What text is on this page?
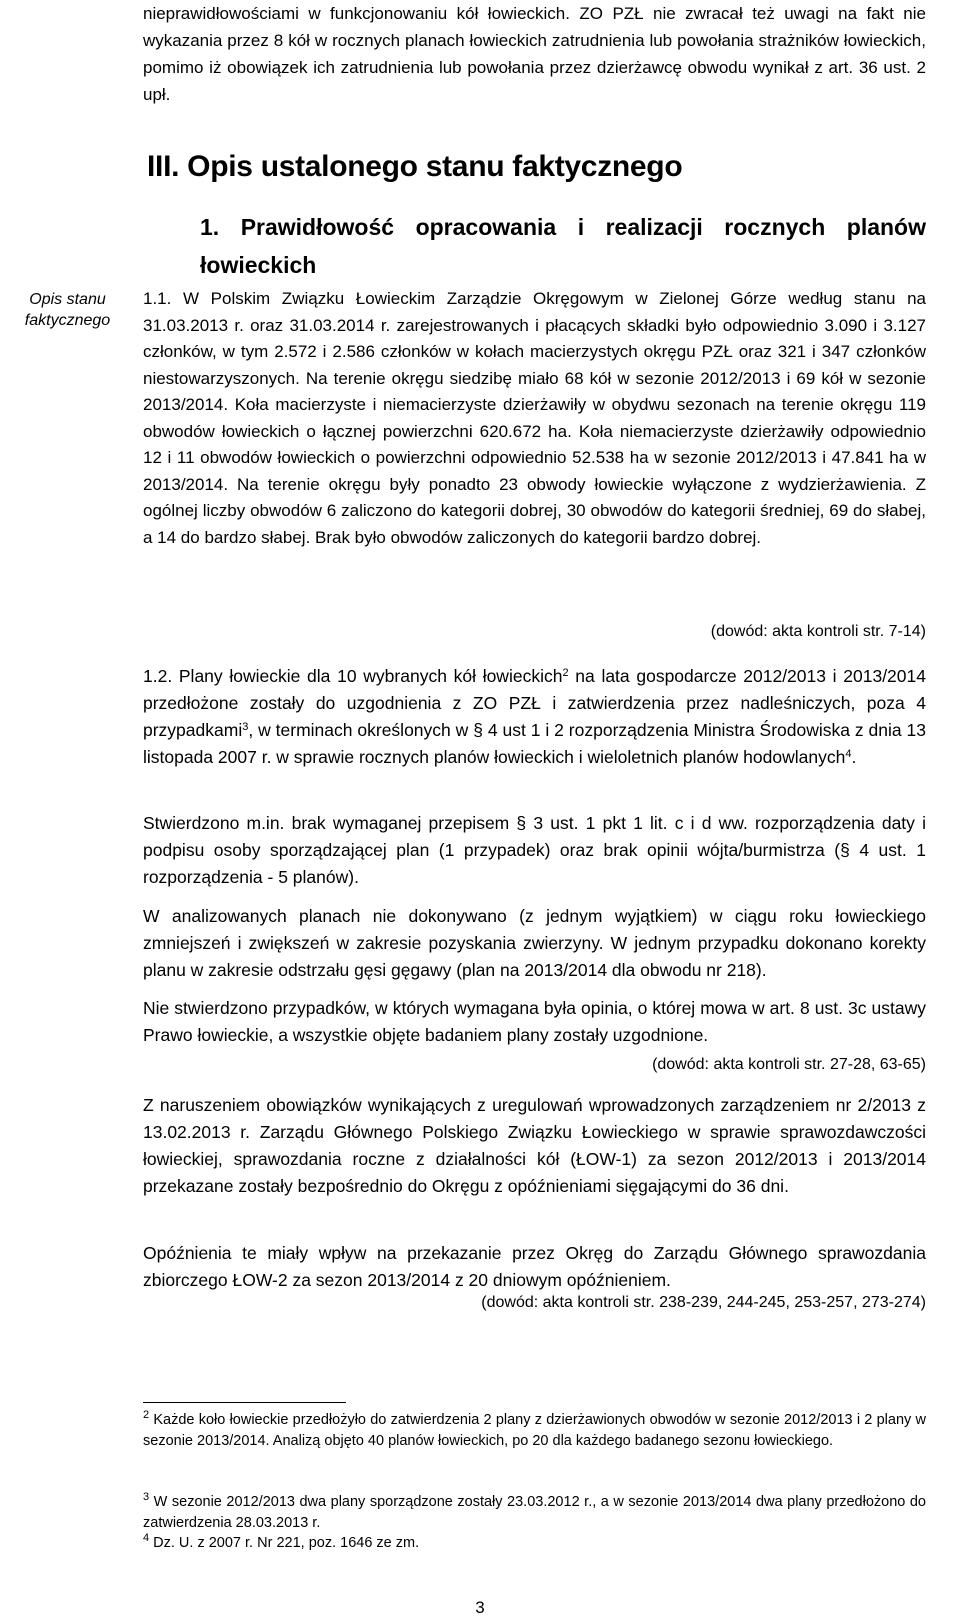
nieprawidłowościami w funkcjonowaniu kół łowieckich. ZO PZŁ nie zwracał też uwagi na fakt nie wykazania przez 8 kół w rocznych planach łowieckich zatrudnienia lub powołania strażników łowieckich, pomimo iż obowiązek ich zatrudnienia lub powołania przez dzierżawcę obwodu wynikał z art. 36 ust. 2 upł.

III. Opis ustalonego stanu faktycznego
1. Prawidłowość opracowania i realizacji rocznych planów
łowieckich
Opis stanu
faktycznego

1.1. W Polskim Związku Łowieckim Zarządzie Okręgowym w Zielonej Górze według stanu na 31.03.2013 r. oraz 31.03.2014 r. zarejestrowanych i płacących składki było odpowiednio 3.090 i 3.127 członków, w tym 2.572 i 2.586 członków w kołach macierzystych okręgu PZŁ oraz 321 i 347 członków niestowarzyszonych. Na terenie okręgu siedzibę miało 68 kół w sezonie 2012/2013 i 69 kół w sezonie 2013/2014. Koła macierzyste i niemacierzyste dzierżawiły w obydwu sezonach na terenie okręgu 119 obwodów łowieckich o łącznej powierzchni 620.672 ha. Koła niemacierzyste dzierżawiły odpowiednio 12 i 11 obwodów łowieckich o powierzchni odpowiednio 52.538 ha w sezonie 2012/2013 i 47.841 ha w 2013/2014. Na terenie okręgu były ponadto 23 obwody łowieckie wyłączone z wydzierżawienia. Z ogólnej liczby obwodów 6 zaliczono do kategorii dobrej, 30 obwodów do kategorii średniej, 69 do słabej, a 14 do bardzo słabej. Brak było obwodów zaliczonych do kategorii bardzo dobrej.

(dowód: akta kontroli str. 7-14)

1.2. Plany łowieckie dla 10 wybranych kół łowieckich$^2$ na lata gospodarcze 2012/2013 i 2013/2014 przedłożone zostały do uzgodnienia z ZO PZŁ i zatwierdzenia przez nadleśniczych, poza 4 przypadkami$^3$, w terminach określonych w § 4 ust 1 i 2 rozporządzenia Ministra Środowiska z dnia 13 listopada 2007 r. w sprawie rocznych planów łowieckich i wieloletnich planów hodowlanych$^4$.

Stwierdzono m.in. brak wymaganej przepisem § 3 ust. 1 pkt 1 lit. c i d ww. rozporządzenia daty i podpisu osoby sporządzającej plan (1 przypadek) oraz brak opinii wójta/burmistrza (§ 4 ust. 1 rozporządzenia - 5 planów).

W analizowanych planach nie dokonywano (z jednym wyjątkiem) w ciągu roku łowieckiego zmniejszeń i zwiększeń w zakresie pozyskania zwierzyny. W jednym przypadku dokonano korekty planu w zakresie odstrzału gęsi gęgawy (plan na 2013/2014 dla obwodu nr 218).

Nie stwierdzono przypadków, w których wymagana była opinia, o której mowa w art. 8 ust. 3c ustawy Prawo łowieckie, a wszystkie objęte badaniem plany zostały uzgodnione.

(dowód: akta kontroli str. 27-28, 63-65)

Z naruszeniem obowiązków wynikających z uregulowań wprowadzonych zarządzeniem nr 2/2013 z 13.02.2013 r. Zarządu Głównego Polskiego Związku Łowieckiego w sprawie sprawozdawczości łowieckiej, sprawozdania roczne z działalności kół (ŁOW-1) za sezon 2012/2013 i 2013/2014 przekazane zostały bezpośrednio do Okręgu z opóźnieniami sięgającymi do 36 dni.

Opóźnienia te miały wpływ na przekazanie przez Okręg do Zarządu Głównego sprawozdania zbiorczego ŁOW-2 za sezon 2013/2014 z 20 dniowym opóźnieniem.

(dowód: akta kontroli str. 238-239, 244-245, 253-257, 273-274)

$^2$ Każde koło łowieckie przedłożyło do zatwierdzenia 2 plany z dzierżawionych obwodów w sezonie 2012/2013 i 2 plany w sezonie 2013/2014. Analizą objęto 40 planów łowieckich, po 20 dla każdego badanego sezonu łowieckiego.

$^3$ W sezonie 2012/2013 dwa plany sporządzone zostały 23.03.2012 r., a w sezonie 2013/2014 dwa plany przedłożono do zatwierdzenia 28.03.2013 r.

$^4$ Dz. U. z 2007 r. Nr 221, poz. 1646 ze zm.

3
